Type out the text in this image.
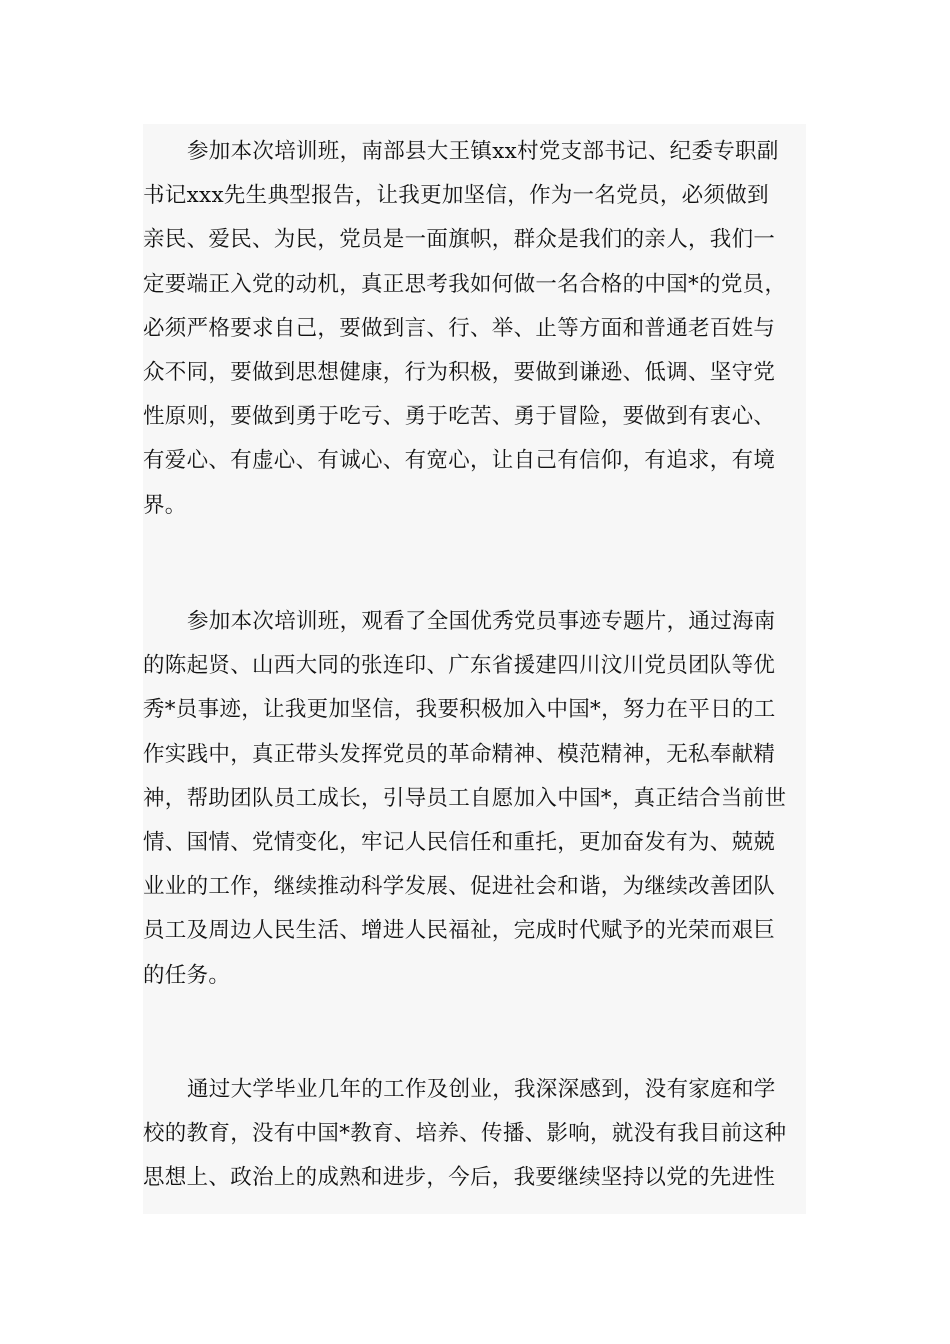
参加本次培训班，南部县大王镇xx村党支部书记、纪委专职副
书记xxx先生典型报告，让我更加坚信，作为一名党员，必须做到
亲民、爱民、为民，党员是一面旗帜，群众是我们的亲人，我们一
定要端正入党的动机，真正思考我如何做一名合格的中国*的党员，
必须严格要求自己，要做到言、行、举、止等方面和普通老百姓与
众不同，要做到思想健康，行为积极，要做到谦逊、低调、坚守党
性原则，要做到勇于吃亏、勇于吃苦、勇于冒险，要做到有衷心、
有爱心、有虚心、有诚心、有宽心，让自己有信仰，有追求，有境
界。
参加本次培训班，观看了全国优秀党员事迹专题片，通过海南
的陈起贤、山西大同的张连印、广东省援建四川汶川党员团队等优
秀*员事迹，让我更加坚信，我要积极加入中国*，努力在平日的工
作实践中，真正带头发挥党员的革命精神、模范精神，无私奉献精
神，帮助团队员工成长，引导员工自愿加入中国*，真正结合当前世
情、国情、党情变化，牢记人民信任和重托，更加奋发有为、兢兢
业业的工作，继续推动科学发展、促进社会和谐，为继续改善团队
员工及周边人民生活、增进人民福祉，完成时代赋予的光荣而艰巨
的任务。
通过大学毕业几年的工作及创业，我深深感到，没有家庭和学
校的教育，没有中国*教育、培养、传播、影响，就没有我目前这种
思想上、政治上的成熟和进步，今后，我要继续坚持以党的先进性
